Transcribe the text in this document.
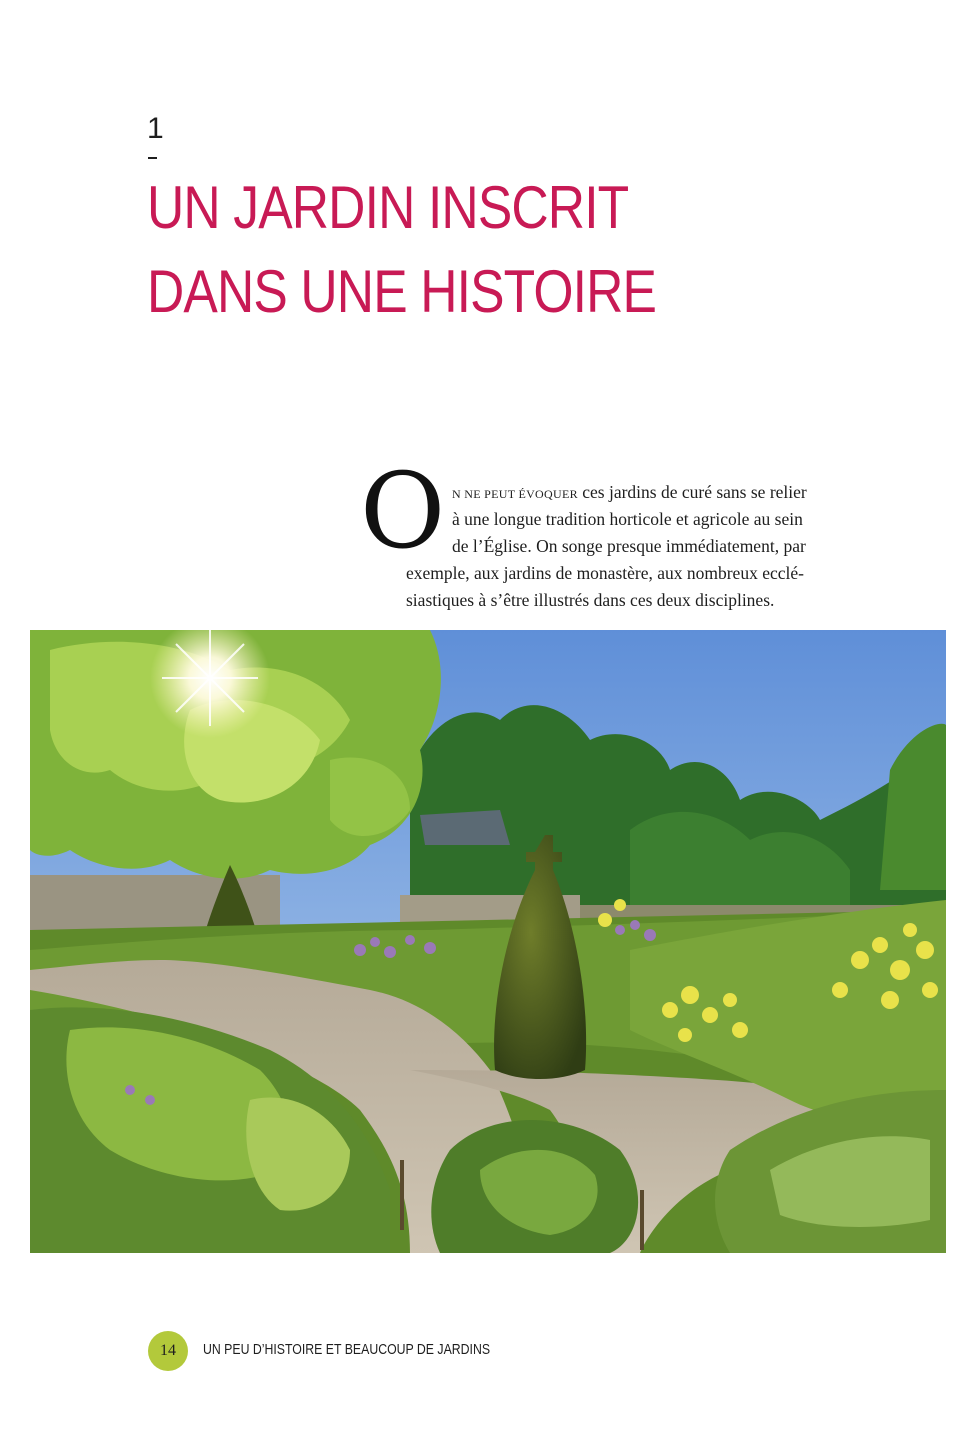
1
UN JARDIN INSCRIT
DANS UNE HISTOIRE
O N NE PEUT ÉVOQUER ces jardins de curé sans se relier
à une longue tradition horticole et agricole au sein
de l’Église. On songe presque immédiatement, par
exemple, aux jardins de monastère, aux nombreux ecclé-
siastiques à s’être illustrés dans ces deux disciplines.
14	UN PEU D’HISTOIRE ET BEAUCOUP DE JARDINS
